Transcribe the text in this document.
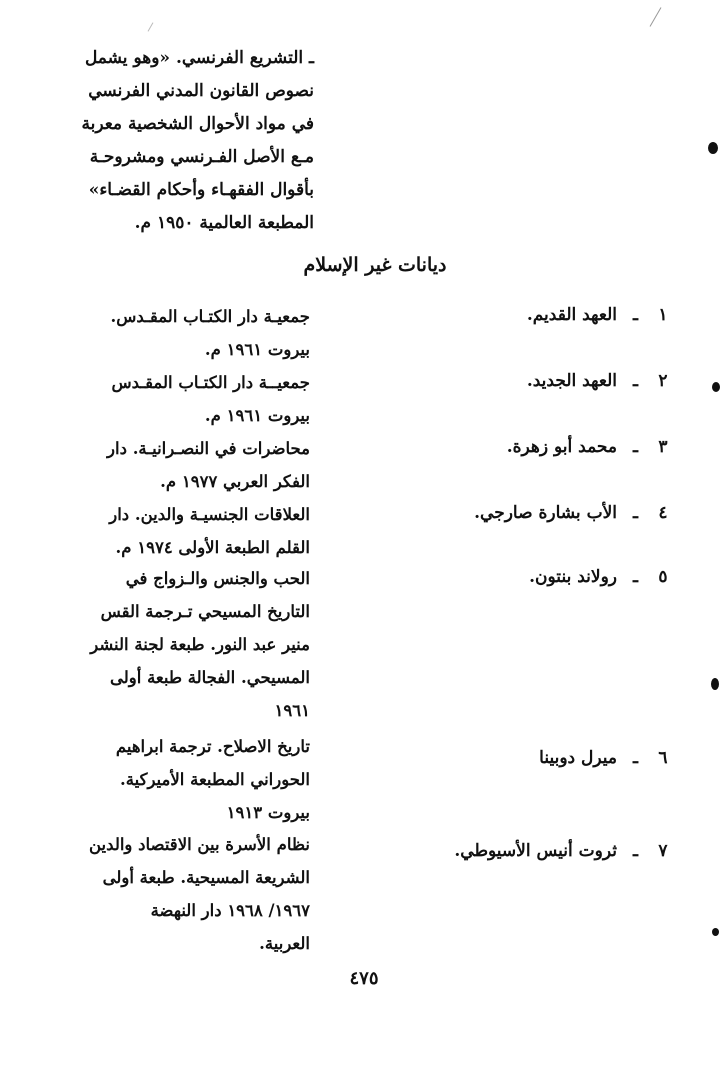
ـ التشريع الفرنسي. «وهو يشمل
نصوص القانون المدني الفرنسي
في مواد الأحوال الشخصية معربة
مـع الأصل الفـرنسي ومشروحـة
بأقوال الفقهـاء وأحكام القضـاء»
المطبعة العالمية ١٩٥٠ م.
ديانات غير الإسلام
١
ـ
العهد القديم.
جمعيـة دار الكتـاب المقـدس.
بيروت ١٩٦١ م.
٢
ـ
العهد الجديد.
جمعيــة دار الكتـاب المقـدس
بيروت ١٩٦١ م.
٣
ـ
محمد أبو زهرة.
محاضرات في النصـرانيـة. دار
الفكر العربي ١٩٧٧ م.
٤
ـ
الأب بشارة صارجي.
العلاقات الجنسيـة والدين. دار
القلم الطبعة الأولى ١٩٧٤ م.
٥
ـ
رولاند بنتون.
الحب والجنس والـزواج في
التاريخ المسيحي تـرجمة القس
منير عبد النور. طبعة لجنة النشر
المسيحي. الفجالة طبعة أولى
١٩٦١
٦
ـ
ميرل دوبينا
تاريخ الاصلاح. ترجمة ابراهيم
الحوراني المطبعة الأميركية.
بيروت ١٩١٣
٧
ـ
ثروت أنيس الأسيوطي.
نظام الأسرة بين الاقتصاد والدين
الشريعة المسيحية. طبعة أولى
١٩٦٧/ ١٩٦٨ دار النهضة
العربية.
٤٧٥
